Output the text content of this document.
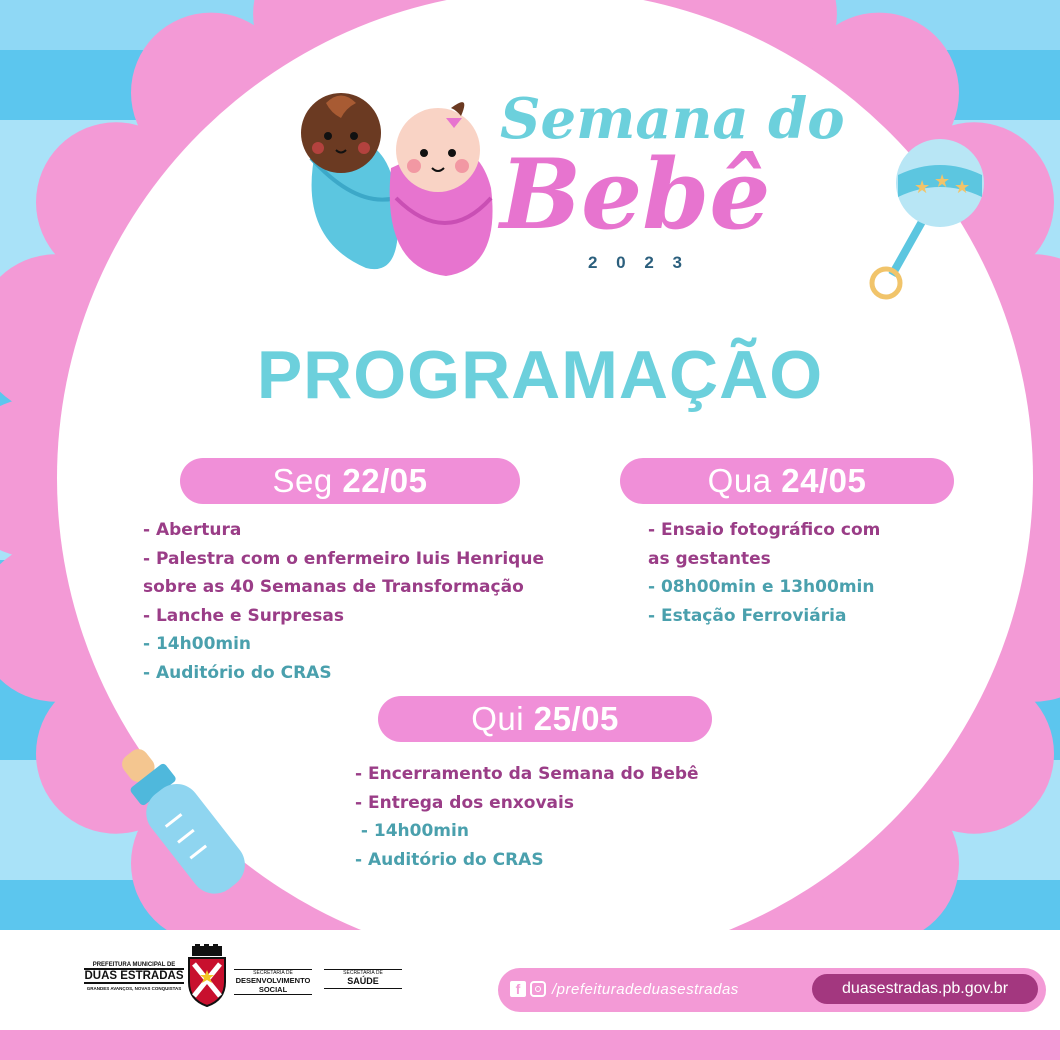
Semana do
Bebê
2 0 2 3
★ ★ ★
PROGRAMAÇÃO
Seg 22/05
- Abertura
- Palestra com o enfermeiro Iuis Henrique
sobre as 40 Semanas de Transformação
- Lanche e Surpresas
- 14h00min
- Auditório do CRAS
Qua 24/05
- Ensaio fotográfico com
as gestantes
- 08h00min e 13h00min
- Estação Ferroviária
Qui 25/05
- Encerramento da Semana do Bebê
- Entrega dos enxovais
- 14h00min
- Auditório do CRAS
PREFEITURA MUNICIPAL DE
DUAS ESTRADAS
GRANDES AVANÇOS, NOVAS CONQUISTAS
SECRETARIA DE
DESENVOLVIMENTO
SOCIAL
SECRETARIA DE
SAÚDE	f	/prefeituradeduasestradas	duasestradas.pb.gov.br
